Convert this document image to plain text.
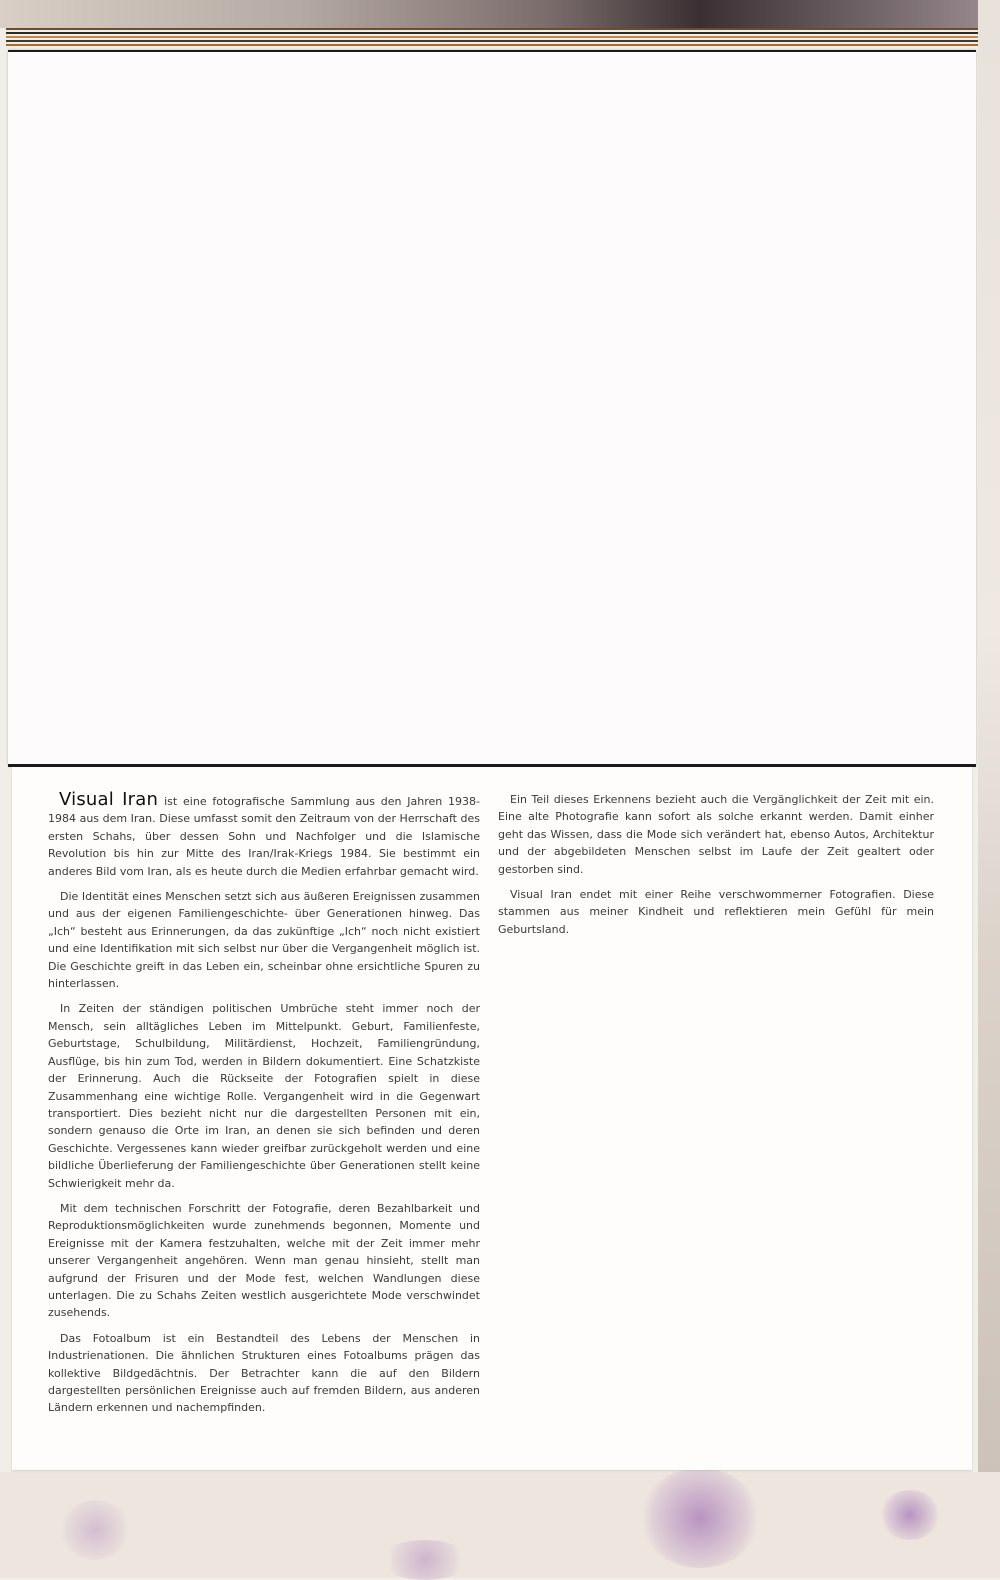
Visual Iran ist eine fotografische Sammlung aus den Jahren 1938-1984 aus dem Iran. Diese umfasst somit den Zeitraum von der Herrschaft des ersten Schahs, über dessen Sohn und Nachfolger und die Islamische Revolution bis hin zur Mitte des Iran/Irak-Kriegs 1984. Sie bestimmt ein anderes Bild vom Iran, als es heute durch die Medien erfahrbar gemacht wird.

Die Identität eines Menschen setzt sich aus äußeren Ereignissen zusammen und aus der eigenen Familiengeschichte- über Generationen hinweg. Das „Ich“ besteht aus Erinnerungen, da das zukünftige „Ich“ noch nicht existiert und eine Identifikation mit sich selbst nur über die Vergangenheit möglich ist. Die Geschichte greift in das Leben ein, scheinbar ohne ersichtliche Spuren zu hinterlassen.

In Zeiten der ständigen politischen Umbrüche steht immer noch der Mensch, sein alltägliches Leben im Mittelpunkt. Geburt, Familienfeste, Geburtstage, Schulbildung, Militärdienst, Hochzeit, Familiengründung, Ausflüge, bis hin zum Tod, werden in Bildern dokumentiert. Eine Schatzkiste der Erinnerung. Auch die Rückseite der Fotografien spielt in diese Zusammenhang eine wichtige Rolle. Vergangenheit wird in die Gegenwart transportiert. Dies bezieht nicht nur die dargestellten Personen mit ein, sondern genauso die Orte im Iran, an denen sie sich befinden und deren Geschichte. Vergessenes kann wieder greifbar zurückgeholt werden und eine bildliche Überlieferung der Familiengeschichte über Generationen stellt keine Schwierigkeit mehr da.

Mit dem technischen Forschritt der Fotografie, deren Bezahlbarkeit und Reproduktionsmöglichkeiten wurde zunehmends begonnen, Momente und Ereignisse mit der Kamera festzuhalten, welche mit der Zeit immer mehr unserer Vergangenheit angehören. Wenn man genau hinsieht, stellt man aufgrund der Frisuren und der Mode fest, welchen Wandlungen diese unterlagen. Die zu Schahs Zeiten westlich ausgerichtete Mode verschwindet zusehends.

Das Fotoalbum ist ein Bestandteil des Lebens der Menschen in Industrienationen. Die ähnlichen Strukturen eines Fotoalbums prägen das kollektive Bildgedächtnis. Der Betrachter kann die auf den Bildern dargestellten persönlichen Ereignisse auch auf fremden Bildern, aus anderen Ländern erkennen und nachempfinden.

Ein Teil dieses Erkennens bezieht auch die Vergänglichkeit der Zeit mit ein. Eine alte Photografie kann sofort als solche erkannt werden. Damit einher geht das Wissen, dass die Mode sich verändert hat, ebenso Autos, Architektur und der abgebildeten Menschen selbst im Laufe der Zeit gealtert oder gestorben sind.

Visual Iran endet mit einer Reihe verschwommerner Fotografien. Diese stammen aus meiner Kindheit und reflektieren mein Gefühl für mein Geburtsland.
